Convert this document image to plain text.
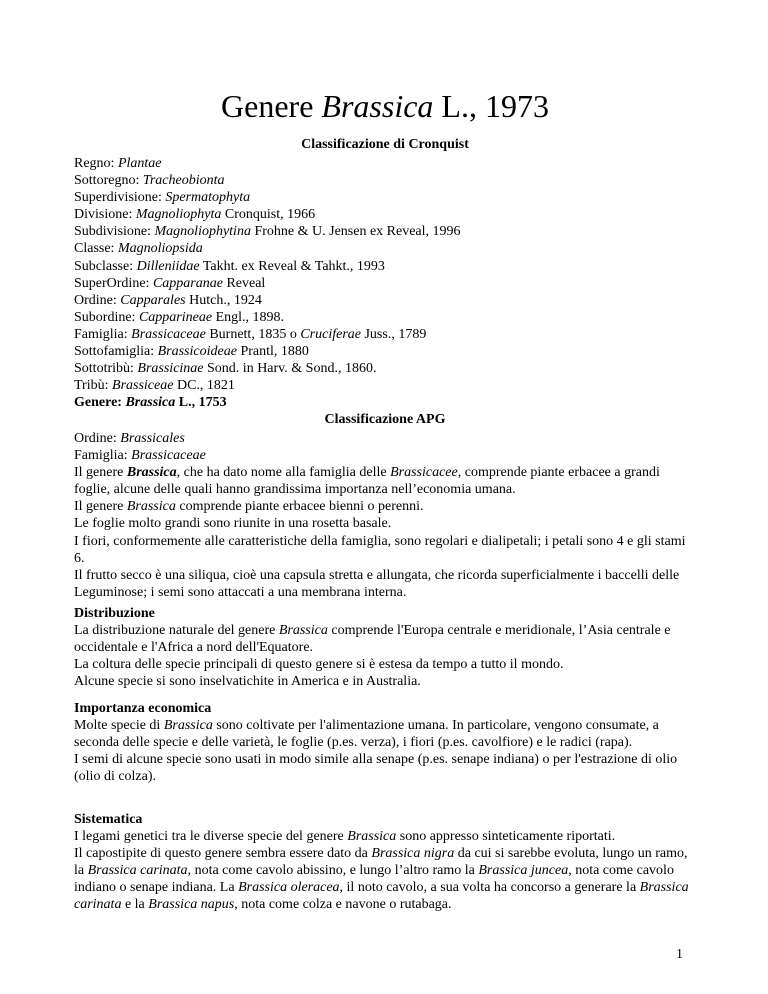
Genere Brassica L., 1973
Classificazione di Cronquist
Regno: Plantae
Sottoregno: Tracheobionta
Superdivisione: Spermatophyta
Divisione: Magnoliophyta Cronquist, 1966
Subdivisione: Magnoliophytina Frohne & U. Jensen ex Reveal, 1996
Classe: Magnoliopsida
Subclasse: Dilleniidae Takht. ex Reveal & Tahkt., 1993
SuperOrdine: Capparanae Reveal
Ordine: Capparales Hutch., 1924
Subordine: Capparineae Engl., 1898.
Famiglia: Brassicaceae Burnett, 1835 o Cruciferae Juss., 1789
Sottofamiglia: Brassicoideae Prantl, 1880
Sottotribù: Brassicinae Sond. in Harv. & Sond., 1860.
Tribù: Brassiceae DC., 1821
Genere: Brassica L., 1753
Classificazione APG
Ordine: Brassicales
Famiglia: Brassicaceae
Il genere Brassica, che ha dato nome alla famiglia delle Brassicacee, comprende piante erbacee a grandi foglie, alcune delle quali hanno grandissima importanza nell’economia umana.
Il genere Brassica comprende piante erbacee bienni o perenni.
Le foglie molto grandi sono riunite in una rosetta basale.
I fiori, conformemente alle caratteristiche della famiglia, sono regolari e dialipetali; i petali sono 4 e gli stami 6.
Il frutto secco è una siliqua, cioè una capsula stretta e allungata, che ricorda superficialmente i baccelli delle Leguminose; i semi sono attaccati a una membrana interna.
Distribuzione
La distribuzione naturale del genere Brassica comprende l'Europa centrale e meridionale, l’Asia centrale e occidentale e l'Africa a nord dell'Equatore.
La coltura delle specie principali di questo genere si è estesa da tempo a tutto il mondo.
Alcune specie si sono inselvatichite in America e in Australia.
Importanza economica
Molte specie di Brassica sono coltivate per l'alimentazione umana. In particolare, vengono consumate, a seconda delle specie e delle varietà, le foglie (p.es. verza), i fiori (p.es. cavolfiore) e le radici (rapa).
I semi di alcune specie sono usati in modo simile alla senape (p.es. senape indiana) o per l'estrazione di olio (olio di colza).
Sistematica
I legami genetici tra le diverse specie del genere Brassica sono appresso sinteticamente riportati.
Il capostipite di questo genere sembra essere dato da Brassica nigra da cui si sarebbe evoluta, lungo un ramo, la Brassica carinata, nota come cavolo abissino, e lungo l’altro ramo la Brassica juncea, nota come cavolo indiano o senape indiana. La Brassica oleracea, il noto cavolo, a sua volta ha concorso a generare la Brassica carinata e la Brassica napus, nota come colza e navone o rutabaga.
1
